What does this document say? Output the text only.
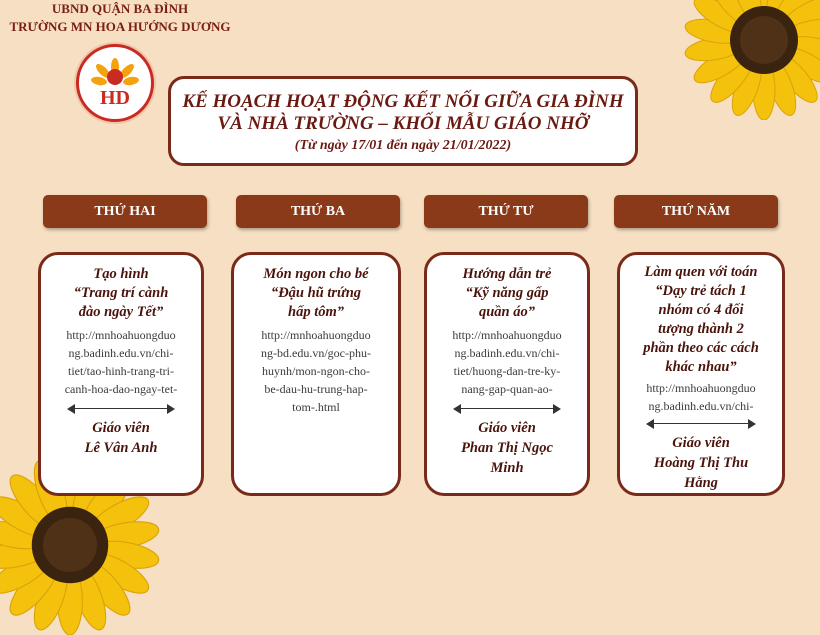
UBND QUẬN BA ĐÌNH
TRƯỜNG MN HOA HƯỚNG DƯƠNG
HD	KẾ HOẠCH HOẠT ĐỘNG KẾT NỐI GIỮA GIA ĐÌNH
VÀ NHÀ TRƯỜNG – KHỐI MẪU GIÁO NHỠ
(Từ ngày 17/01 đến ngày 21/01/2022)
THỨ HAI	THỨ BA	THỨ TƯ	THỨ NĂM
Tạo hình
“Trang trí cành
đào ngày Tết”
http://mnhoahuongduo
ng.badinh.edu.vn/chi-
tiet/tao-hinh-trang-tri-
canh-hoa-dao-ngay-tet-
Giáo viên
Lê Vân Anh
Món ngon cho bé
“Đậu hũ trứng
hấp tôm”
http://mnhoahuongduo
ng-bd.edu.vn/goc-phu-
huynh/mon-ngon-cho-
be-dau-hu-trung-hap-
tom-.html
Hướng dẫn trẻ
“Kỹ năng gấp
quần áo”
http://mnhoahuongduo
ng.badinh.edu.vn/chi-
tiet/huong-dan-tre-ky-
nang-gap-quan-ao-
Giáo viên
Phan Thị Ngọc
Minh
Làm quen với toán
“Dạy trẻ tách 1
nhóm có 4 đối
tượng thành 2
phần theo các cách
khác nhau”
http://mnhoahuongduo
ng.badinh.edu.vn/chi-
Giáo viên
Hoàng Thị Thu
Hằng
